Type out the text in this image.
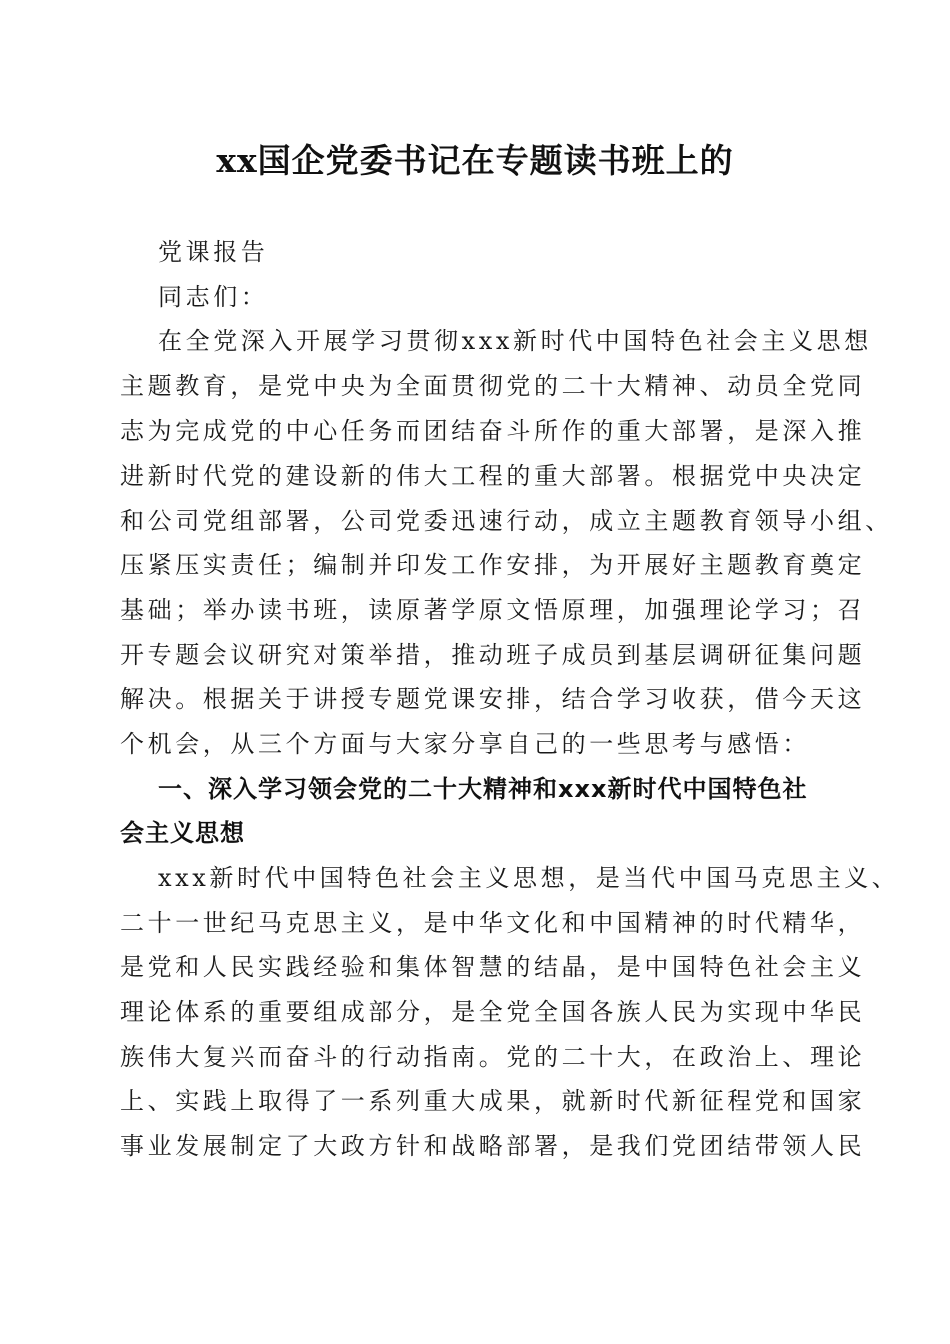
xx国企党委书记在专题读书班上的
党课报告
同志们：
在全党深入开展学习贯彻xxx新时代中国特色社会主义思想
主题教育，是党中央为全面贯彻党的二十大精神、动员全党同
志为完成党的中心任务而团结奋斗所作的重大部署，是深入推
进新时代党的建设新的伟大工程的重大部署。根据党中央决定
和公司党组部署，公司党委迅速行动，成立主题教育领导小组、
压紧压实责任；编制并印发工作安排，为开展好主题教育奠定
基础；举办读书班，读原著学原文悟原理，加强理论学习；召
开专题会议研究对策举措，推动班子成员到基层调研征集问题
解决。根据关于讲授专题党课安排，结合学习收获，借今天这
个机会，从三个方面与大家分享自己的一些思考与感悟：
一、深入学习领会党的二十大精神和xxx新时代中国特色社
会主义思想
xxx新时代中国特色社会主义思想，是当代中国马克思主义、
二十一世纪马克思主义，是中华文化和中国精神的时代精华，
是党和人民实践经验和集体智慧的结晶，是中国特色社会主义
理论体系的重要组成部分，是全党全国各族人民为实现中华民
族伟大复兴而奋斗的行动指南。党的二十大，在政治上、理论
上、实践上取得了一系列重大成果，就新时代新征程党和国家
事业发展制定了大政方针和战略部署，是我们党团结带领人民
